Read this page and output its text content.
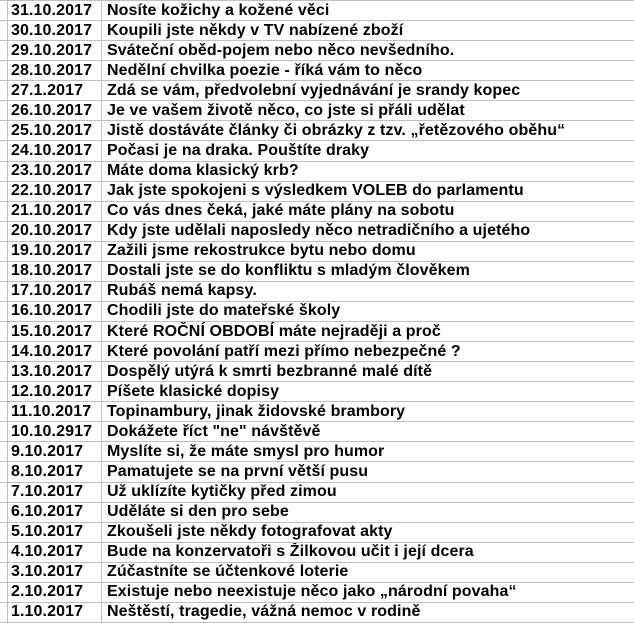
31.10.2017 Nosíte kožichy a kožené věci
30.10.2017 Koupili jste někdy v TV nabízené zboží
29.10.2017 Sváteční oběd-pojem nebo něco nevšedního.
28.10.2017 Nedělní chvilka poezie - říká vám to něco
27.1.2017	Zdá se vám, předvolební vyjednávání je srandy kopec
26.10.2017 Je ve vašem životě něco, co jste si přáli udělat
25.10.2017 Jistě dostáváte články či obrázky z tzv. „řetězového oběhu“
24.10.2017 Počasi je na draka. Pouštíte draky
23.10.2017 Máte doma klasický krb?
22.10.2017 Jak jste spokojeni s výsledkem VOLEB do parlamentu
21.10.2017 Co vás dnes čeká, jaké máte plány na sobotu
20.10.2017 Kdy jste udělali naposledy něco netradičního a ujetého
19.10.2017 Zažili jsme rekostrukce bytu nebo domu
18.10.2017 Dostali jste se do konfliktu s mladým člověkem
17.10.2017 Rubáš nemá kapsy.
16.10.2017 Chodili jste do mateřské školy
15.10.2017 Které ROČNÍ OBDOBÍ máte nejraději a proč
14.10.2017 Které povolání patří mezi přímo nebezpečné ?
13.10.2017 Dospělý utýrá k smrti bezbranné malé dítě
12.10.2017 Píšete klasické dopisy
11.10.2017 Topinambury, jinak židovské brambory
10.10.2917 Dokážete říct "ne" návštěvě
9.10.2017	Myslíte si, že máte smysl pro humor
8.10.2017	Pamatujete se na první větší pusu
7.10.2017	Už uklízíte kytičky před zimou
6.10.2017	Uděláte si den pro sebe
5.10.2017	Zkoušeli jste někdy fotografovat akty
4.10.2017	Bude na konzervatoři s Žilkovou učit i její dcera
3.10.2017	Zúčastníte se účtenkové loterie
2.10.2017	Existuje nebo neexistuje něco jako „národní povaha“
1.10.2017	Neštěstí, tragedie, vážná nemoc v rodině
